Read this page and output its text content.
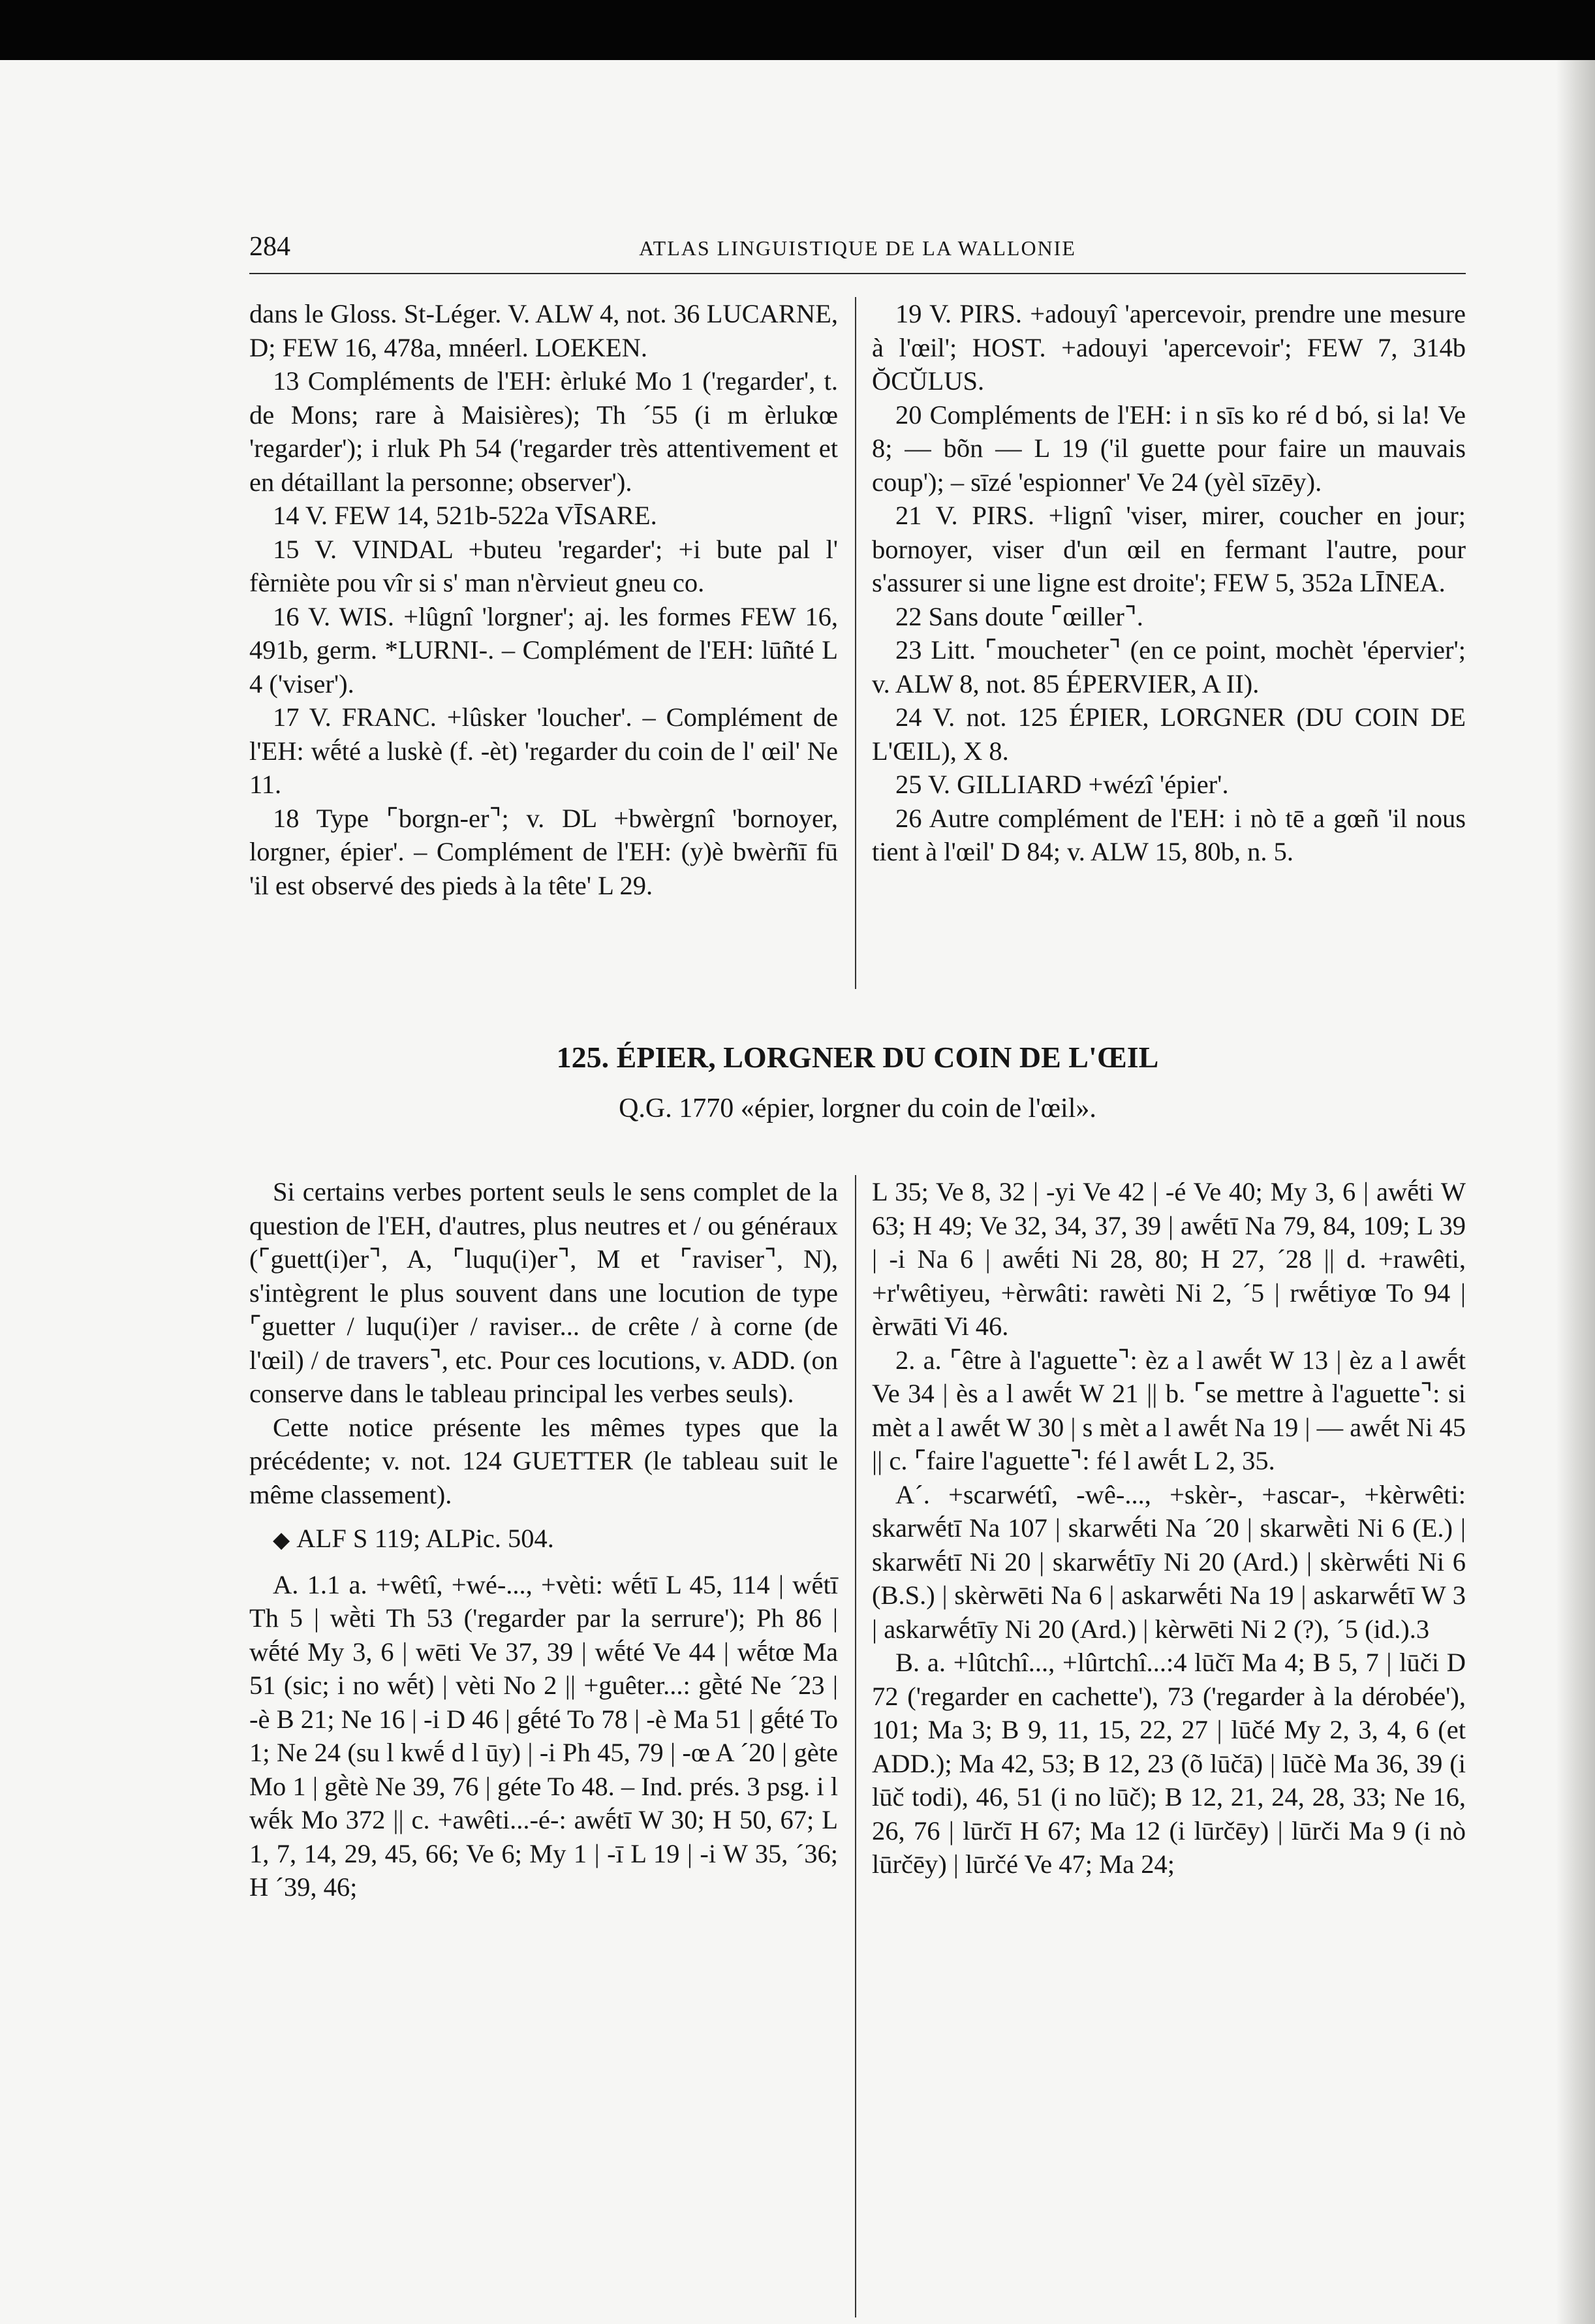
284	ATLAS LINGUISTIQUE DE LA WALLONIE

dans le Gloss. St-Léger. V. ALW 4, not. 36 LUCARNE, D; FEW 16, 478a, mnéerl. LOEKEN.

13 Compléments de l'EH: èrluké Mo 1 ('regarder', t. de Mons; rare à Maisières); Th ´55 (i m èrlukœ 'regarder'); i rluk Ph 54 ('regarder très attentivement et en détaillant la personne; observer').

14 V. FEW 14, 521b-522a VĪSARE.

15 V. VINDAL +buteu 'regarder'; +i bute pal l' fèrniète pou vîr si s' man n'èrvieut gneu co.

16 V. WIS. +lûgnî 'lorgner'; aj. les formes FEW 16, 491b, germ. *LURNI-. – Complément de l'EH: lūñté L 4 ('viser').

17 V. FRANC. +lûsker 'loucher'. – Complément de l'EH: wḗté a luskè (f. -èt) 'regarder du coin de l' œil' Ne 11.

18 Type ⌜borgn-er⌝; v. DL +bwèrgnî 'bornoyer, lorgner, épier'. – Complément de l'EH: (y)è bwèrñī fū 'il est observé des pieds à la tête' L 29.

19 V. PIRS. +adouyî 'apercevoir, prendre une mesure à l'œil'; HOST. +adouyi 'apercevoir'; FEW 7, 314b ŎCŬLUS.

20 Compléments de l'EH: i n sīs ko ré d bó, si la! Ve 8; — bõn — L 19 ('il guette pour faire un mauvais coup'); – sīzé 'espionner' Ve 24 (yèl sīzēy).

21 V. PIRS. +lignî 'viser, mirer, coucher en jour; bornoyer, viser d'un œil en fermant l'autre, pour s'assurer si une ligne est droite'; FEW 5, 352a LĪNEA.

22 Sans doute ⌜œiller⌝.

23 Litt. ⌜moucheter⌝ (en ce point, mochèt 'épervier'; v. ALW 8, not. 85 ÉPERVIER, A II).

24 V. not. 125 ÉPIER, LORGNER (DU COIN DE L'ŒIL), X 8.

25 V. GILLIARD +wézî 'épier'.

26 Autre complément de l'EH: i nò tē a gœñ 'il nous tient à l'œil' D 84; v. ALW 15, 80b, n. 5.

125. ÉPIER, LORGNER DU COIN DE L'ŒIL
Q.G. 1770 «épier, lorgner du coin de l'œil».

Si certains verbes portent seuls le sens complet de la question de l'EH, d'autres, plus neutres et / ou généraux (⌜guett(i)er⌝, A, ⌜luqu(i)er⌝, M et ⌜raviser⌝, N), s'intègrent le plus souvent dans une locution de type ⌜guetter / luqu(i)er / raviser... de crête / à corne (de l'œil) / de travers⌝, etc. Pour ces locutions, v. ADD. (on conserve dans le tableau principal les verbes seuls).

Cette notice présente les mêmes types que la précédente; v. not. 124 GUETTER (le tableau suit le même classement).

◆ ALF S 119; ALPic. 504.

A. 1.1 a. +wêtî, +wé-..., +vèti: wḗtī L 45, 114 | wḗtī Th 5 | wḕti Th 53 ('regarder par la serrure'); Ph 86 | wḗté My 3, 6 | wēti Ve 37, 39 | wḗté Ve 44 | wḗtœ Ma 51 (sic; i no wḗt) | vèti No 2 || +guêter...: gḕté Ne ´23 | -è B 21; Ne 16 | -i D 46 | gḗté To 78 | -è Ma 51 | gḗté To 1; Ne 24 (su l kwḗ d l ūy) | -i Ph 45, 79 | -œ A ´20 | gète Mo 1 | gḕtè Ne 39, 76 | géte To 48. – Ind. prés. 3 psg. i l wḗk Mo 372 || c. +awêti...-é-: awḗtī W 30; H 50, 67; L 1, 7, 14, 29, 45, 66; Ve 6; My 1 | -ī L 19 | -i W 35, ´36; H ´39, 46;

L 35; Ve 8, 32 | -yi Ve 42 | -é Ve 40; My 3, 6 | awḗti W 63; H 49; Ve 32, 34, 37, 39 | awḗtī Na 79, 84, 109; L 39 | -i Na 6 | awḗti Ni 28, 80; H 27, ´28 || d. +rawêti, +r'wêtiyeu, +èrwâti: rawèti Ni 2, ´5 | rwḗtiyœ To 94 | èrwāti Vi 46.

2. a. ⌜être à l'aguette⌝: èz a l awḗt W 13 | èz a l awḗt Ve 34 | ès a l awḗt W 21 || b. ⌜se mettre à l'aguette⌝: si mèt a l awḗt W 30 | s mèt a l awḗt Na 19 | — awḗt Ni 45 || c. ⌜faire l'aguette⌝: fé l awḗt L 2, 35.

A´. +scarwétî, -wê-..., +skèr-, +ascar-, +kèrwêti: skarwḗtī Na 107 | skarwḗti Na ´20 | skarwḕti Ni 6 (E.) | skarwḗtī Ni 20 | skarwḗtīy Ni 20 (Ard.) | skèrwḗti Ni 6 (B.S.) | skèrwēti Na 6 | askarwḗti Na 19 | askarwḗtī W 3 | askarwḗtīy Ni 20 (Ard.) | kèrwēti Ni 2 (?), ´5 (id.).3

B. a. +lûtchî..., +lûrtchî...:4 lūčī Ma 4; B 5, 7 | lūči D 72 ('regarder en cachette'), 73 ('regarder à la dérobée'), 101; Ma 3; B 9, 11, 15, 22, 27 | lūčé My 2, 3, 4, 6 (et ADD.); Ma 42, 53; B 12, 23 (õ lūčā) | lūčè Ma 36, 39 (i lūč todi), 46, 51 (i no lūč); B 12, 21, 24, 28, 33; Ne 16, 26, 76 | lūrčī H 67; Ma 12 (i lūrčēy) | lūrči Ma 9 (i nò lūrčēy) | lūrčé Ve 47; Ma 24;
